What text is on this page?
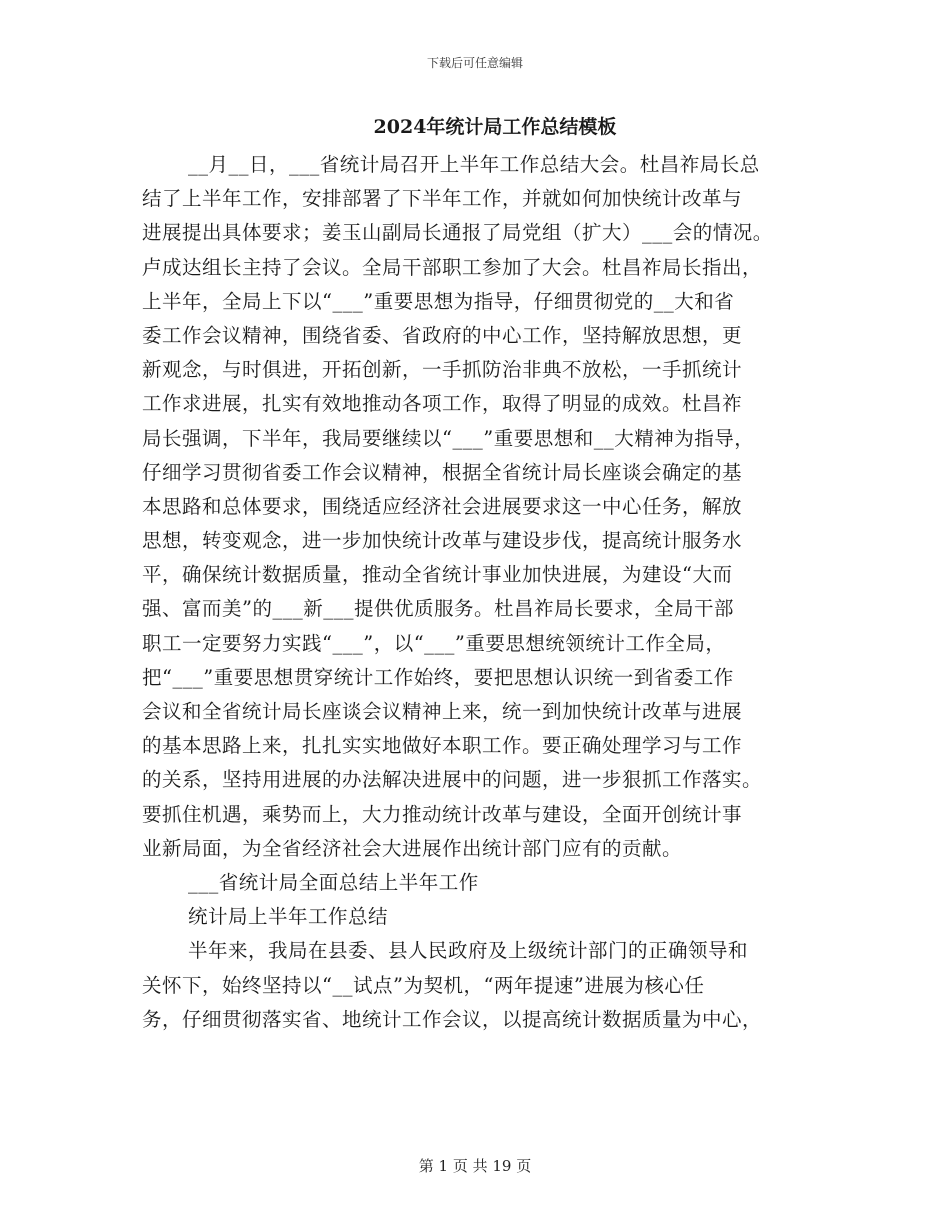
下载后可任意编辑
2024年统计局工作总结模板
__月__日，___省统计局召开上半年工作总结大会。杜昌祚局长总
结了上半年工作，安排部署了下半年工作，并就如何加快统计改革与
进展提出具体要求；姜玉山副局长通报了局党组（扩大）___会的情况。
卢成达组长主持了会议。全局干部职工参加了大会。杜昌祚局长指出，
上半年，全局上下以“___”重要思想为指导，仔细贯彻党的__大和省
委工作会议精神，围绕省委、省政府的中心工作，坚持解放思想，更
新观念，与时俱进，开拓创新，一手抓防治非典不放松，一手抓统计
工作求进展，扎实有效地推动各项工作，取得了明显的成效。杜昌祚
局长强调，下半年，我局要继续以“___”重要思想和__大精神为指导，
仔细学习贯彻省委工作会议精神，根据全省统计局长座谈会确定的基
本思路和总体要求，围绕适应经济社会进展要求这一中心任务，解放
思想，转变观念，进一步加快统计改革与建设步伐，提高统计服务水
平，确保统计数据质量，推动全省统计事业加快进展，为建设“大而
强、富而美”的___新___提供优质服务。杜昌祚局长要求，全局干部
职工一定要努力实践“___”，以“___”重要思想统领统计工作全局，
把“___”重要思想贯穿统计工作始终，要把思想认识统一到省委工作
会议和全省统计局长座谈会议精神上来，统一到加快统计改革与进展
的基本思路上来，扎扎实实地做好本职工作。要正确处理学习与工作
的关系，坚持用进展的办法解决进展中的问题，进一步狠抓工作落实。
要抓住机遇，乘势而上，大力推动统计改革与建设，全面开创统计事
业新局面，为全省经济社会大进展作出统计部门应有的贡献。
___省统计局全面总结上半年工作
统计局上半年工作总结
半年来，我局在县委、县人民政府及上级统计部门的正确领导和
关怀下，始终坚持以“__试点”为契机，“两年提速”进展为核心任
务，仔细贯彻落实省、地统计工作会议，以提高统计数据质量为中心，
第 1 页 共 19 页
